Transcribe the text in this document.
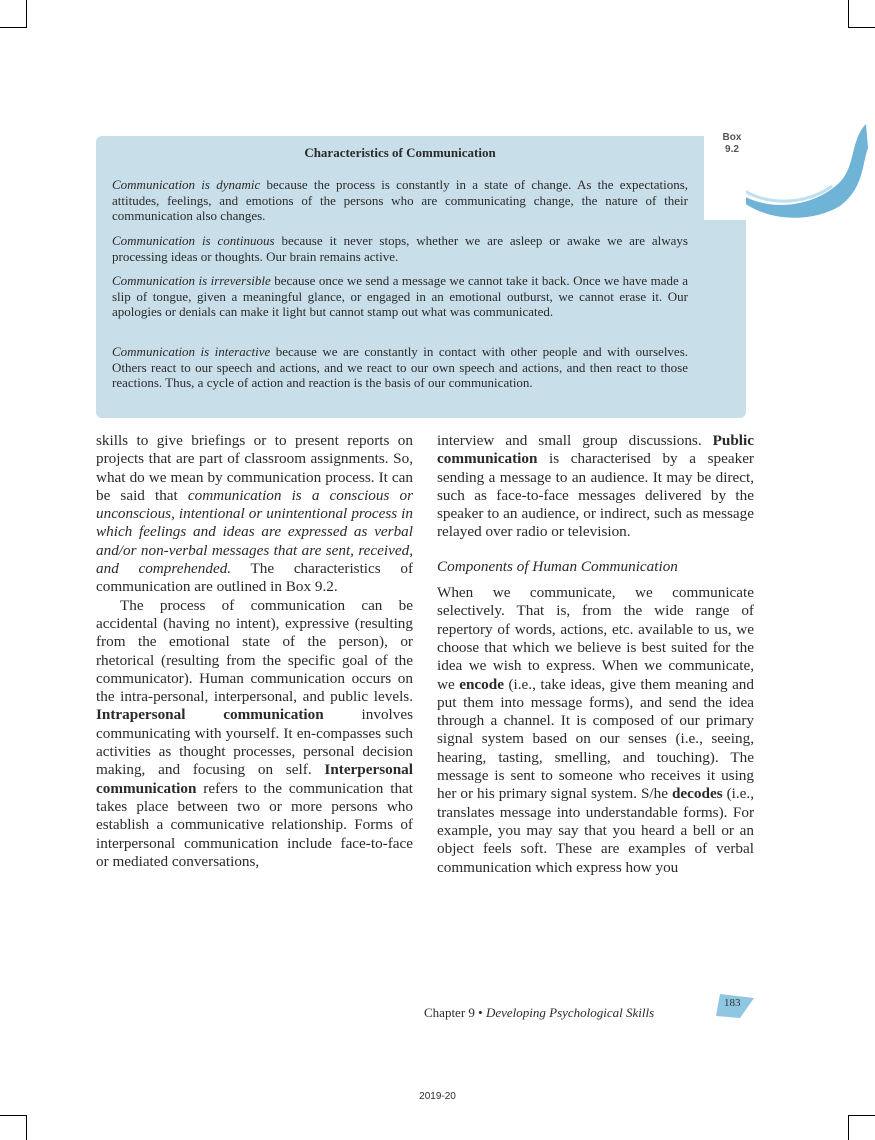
Box
9.2
Characteristics of Communication
Communication is dynamic because the process is constantly in a state of change. As the expectations, attitudes, feelings, and emotions of the persons who are communicating change, the nature of their communication also changes.
Communication is continuous because it never stops, whether we are asleep or awake we are always processing ideas or thoughts. Our brain remains active.
Communication is irreversible because once we send a message we cannot take it back. Once we have made a slip of tongue, given a meaningful glance, or engaged in an emotional outburst, we cannot erase it. Our apologies or denials can make it light but cannot stamp out what was communicated.
Communication is interactive because we are constantly in contact with other people and with ourselves. Others react to our speech and actions, and we react to our own speech and actions, and then react to those reactions. Thus, a cycle of action and reaction is the basis of our communication.

skills to give briefings or to present reports on projects that are part of classroom assignments. So, what do we mean by communication process. It can be said that communication is a conscious or unconscious, intentional or unintentional process in which feelings and ideas are expressed as verbal and/or non-verbal messages that are sent, received, and comprehended. The characteristics of communication are outlined in Box 9.2.

The process of communication can be accidental (having no intent), expressive (resulting from the emotional state of the person), or rhetorical (resulting from the specific goal of the communicator). Human communication occurs on the intra-personal, interpersonal, and public levels. Intrapersonal communication involves communicating with yourself. It en-compasses such activities as thought processes, personal decision making, and focusing on self. Interpersonal communication refers to the communication that takes place between two or more persons who establish a communicative relationship. Forms of interpersonal communication include face-to-face or mediated conversations,

interview and small group discussions. Public communication is characterised by a speaker sending a message to an audience. It may be direct, such as face-to-face messages delivered by the speaker to an audience, or indirect, such as message relayed over radio or television.

Components of Human Communication

When we communicate, we communicate selectively. That is, from the wide range of repertory of words, actions, etc. available to us, we choose that which we believe is best suited for the idea we wish to express. When we communicate, we encode (i.e., take ideas, give them meaning and put them into message forms), and send the idea through a channel. It is composed of our primary signal system based on our senses (i.e., seeing, hearing, tasting, smelling, and touching). The message is sent to someone who receives it using her or his primary signal system. S/he decodes (i.e., translates message into understandable forms). For example, you may say that you heard a bell or an object feels soft. These are examples of verbal communication which express how you

Chapter 9 • Developing Psychological Skills
183
2019-20
